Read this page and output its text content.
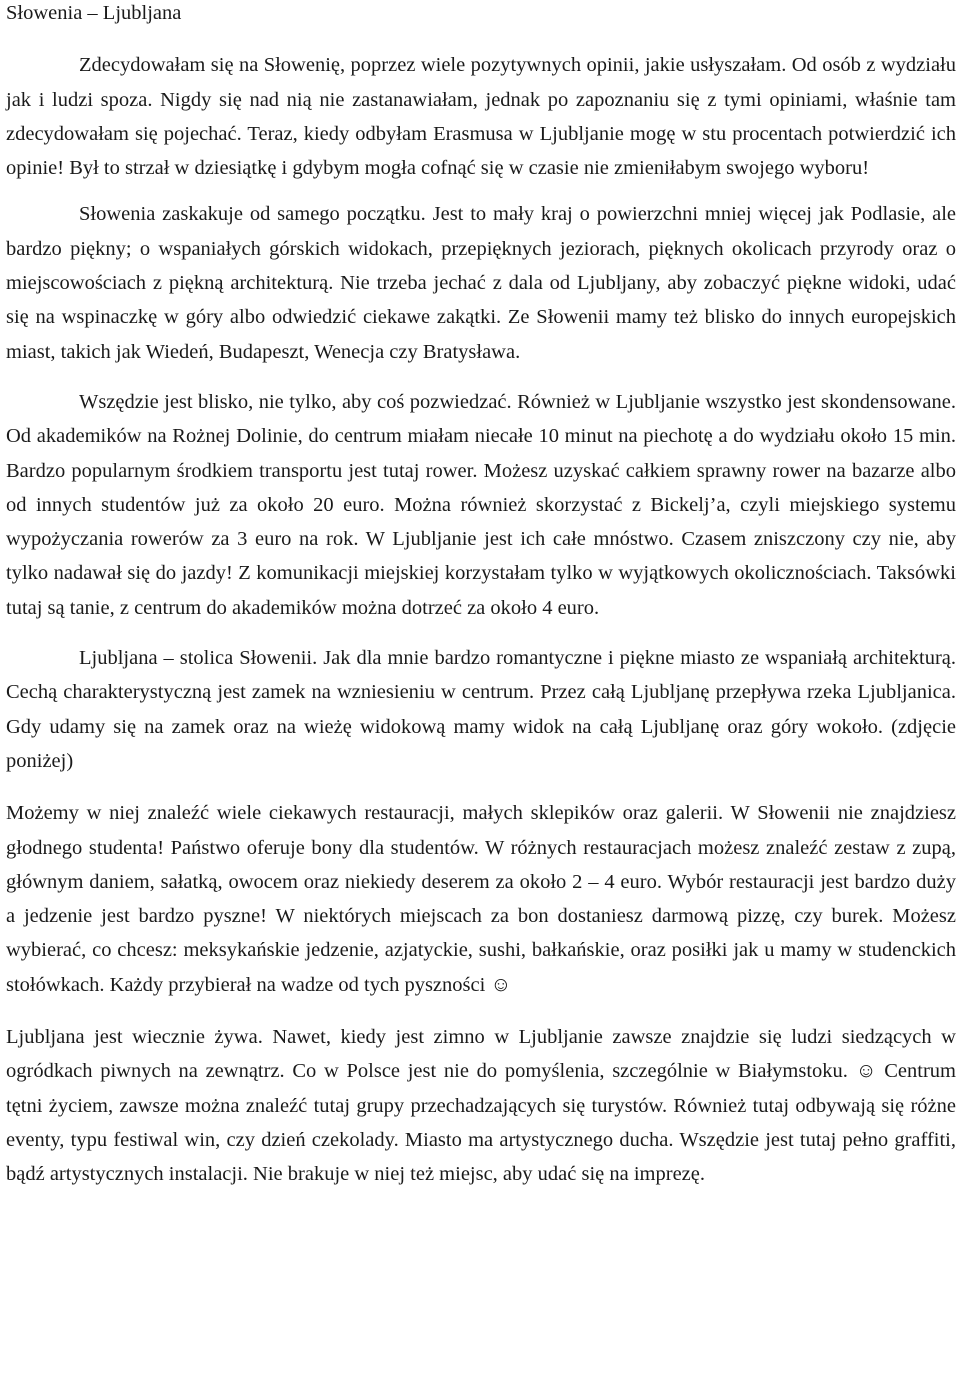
Słowenia – Ljubljana

Zdecydowałam się na Słowenię, poprzez wiele pozytywnych opinii, jakie usłyszałam. Od osób z wydziału jak i ludzi spoza. Nigdy się nad nią nie zastanawiałam, jednak po zapoznaniu się z tymi opiniami, właśnie tam zdecydowałam się pojechać. Teraz, kiedy odbyłam Erasmusa w Ljubljanie mogę w stu procentach potwierdzić ich opinie! Był to strzał w dziesiątkę i gdybym mogła cofnąć się w czasie nie zmieniłabym swojego wyboru!

Słowenia zaskakuje od samego początku. Jest to mały kraj o powierzchni mniej więcej jak Podlasie, ale bardzo piękny; o wspaniałych górskich widokach, przepięknych jeziorach, pięknych okolicach przyrody oraz o miejscowościach z piękną architekturą. Nie trzeba jechać z dala od Ljubljany, aby zobaczyć piękne widoki, udać się na wspinaczkę w góry albo odwiedzić ciekawe zakątki. Ze Słowenii mamy też blisko do innych europejskich miast, takich jak Wiedeń, Budapeszt, Wenecja czy Bratysława.

Wszędzie jest blisko, nie tylko, aby coś pozwiedzać. Również w Ljubljanie wszystko jest skondensowane. Od akademików na Rożnej Dolinie, do centrum miałam niecałe 10 minut na piechotę a do wydziału około 15 min. Bardzo popularnym środkiem transportu jest tutaj rower. Możesz uzyskać całkiem sprawny rower na bazarze albo od innych studentów już za około 20 euro. Można również skorzystać z Bickelj’a, czyli miejskiego systemu wypożyczania rowerów za 3 euro na rok. W Ljubljanie jest ich całe mnóstwo. Czasem zniszczony czy nie, aby tylko nadawał się do jazdy! Z komunikacji miejskiej korzystałam tylko w wyjątkowych okolicznościach. Taksówki tutaj są tanie, z centrum do akademików można dotrzeć za około 4 euro.

Ljubljana – stolica Słowenii. Jak dla mnie bardzo romantyczne i piękne miasto ze wspaniałą architekturą. Cechą charakterystyczną jest zamek na wzniesieniu w centrum. Przez całą Ljubljanę przepływa rzeka Ljubljanica. Gdy udamy się na zamek oraz na wieżę widokową mamy widok na całą Ljubljanę oraz góry wokoło. (zdjęcie poniżej)

Możemy w niej znaleźć wiele ciekawych restauracji, małych sklepików oraz galerii. W Słowenii nie znajdziesz głodnego studenta! Państwo oferuje bony dla studentów. W różnych restauracjach możesz znaleźć zestaw z zupą, głównym daniem, sałatką, owocem oraz niekiedy deserem za około 2 – 4 euro. Wybór restauracji jest bardzo duży a jedzenie jest bardzo pyszne! W niektórych miejscach za bon dostaniesz darmową pizzę, czy burek. Możesz wybierać, co chcesz: meksykańskie jedzenie, azjatyckie, sushi, bałkańskie, oraz posiłki jak u mamy w studenckich stołówkach. Każdy przybierał na wadze od tych pyszności ☺

Ljubljana jest wiecznie żywa. Nawet, kiedy jest zimno w Ljubljanie zawsze znajdzie się ludzi siedzących w ogródkach piwnych na zewnątrz. Co w Polsce jest nie do pomyślenia, szczególnie w Białymstoku. ☺ Centrum tętni życiem, zawsze można znaleźć tutaj grupy przechadzających się turystów. Również tutaj odbywają się różne eventy, typu festiwal win, czy dzień czekolady. Miasto ma artystycznego ducha. Wszędzie jest tutaj pełno graffiti, bądź artystycznych instalacji. Nie brakuje w niej też miejsc, aby udać się na imprezę.
